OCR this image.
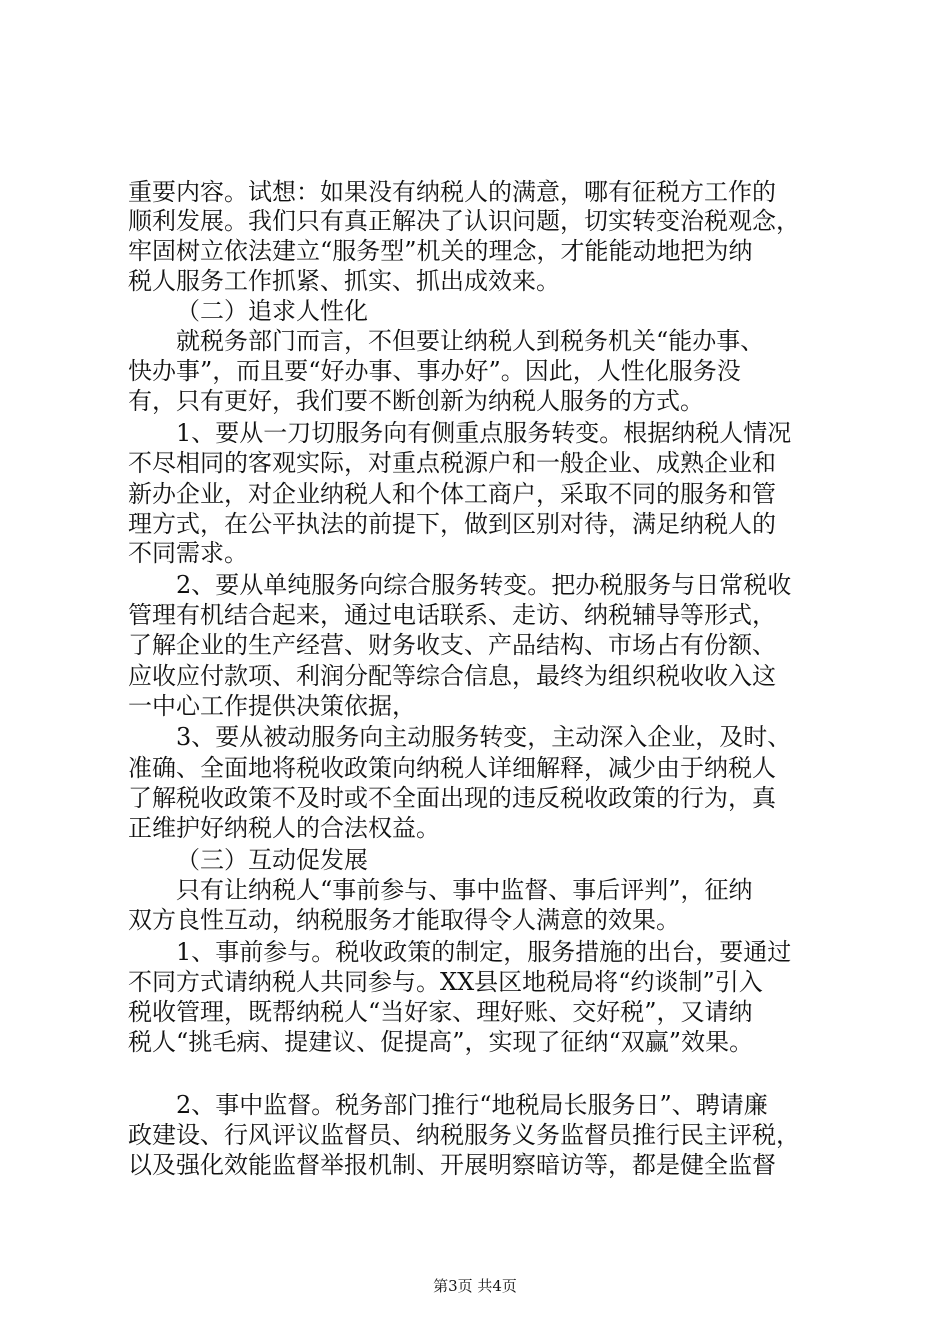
重要内容。试想：如果没有纳税人的满意，哪有征税方工作的
顺利发展。我们只有真正解决了认识问题，切实转变治税观念，
牢固树立依法建立“服务型”机关的理念，才能能动地把为纳
税人服务工作抓紧、抓实、抓出成效来。
（二）追求人性化
就税务部门而言，不但要让纳税人到税务机关“能办事、
快办事”，而且要“好办事、事办好”。因此，人性化服务没
有，只有更好，我们要不断创新为纳税人服务的方式。
1、要从一刀切服务向有侧重点服务转变。根据纳税人情况
不尽相同的客观实际，对重点税源户和一般企业、成熟企业和
新办企业，对企业纳税人和个体工商户，采取不同的服务和管
理方式，在公平执法的前提下，做到区别对待，满足纳税人的
不同需求。
2、要从单纯服务向综合服务转变。把办税服务与日常税收
管理有机结合起来，通过电话联系、走访、纳税辅导等形式，
了解企业的生产经营、财务收支、产品结构、市场占有份额、
应收应付款项、利润分配等综合信息，最终为组织税收收入这
一中心工作提供决策依据，
3、要从被动服务向主动服务转变，主动深入企业，及时、
准确、全面地将税收政策向纳税人详细解释，减少由于纳税人
了解税收政策不及时或不全面出现的违反税收政策的行为，真
正维护好纳税人的合法权益。
（三）互动促发展
只有让纳税人“事前参与、事中监督、事后评判”，征纳
双方良性互动，纳税服务才能取得令人满意的效果。
1、事前参与。税收政策的制定，服务措施的出台，要通过
不同方式请纳税人共同参与。XX县区地税局将“约谈制”引入
税收管理，既帮纳税人“当好家、理好账、交好税”，又请纳
税人“挑毛病、提建议、促提高”，实现了征纳“双赢”效果。
2、事中监督。税务部门推行“地税局长服务日”、聘请廉
政建设、行风评议监督员、纳税服务义务监督员推行民主评税，
以及强化效能监督举报机制、开展明察暗访等，都是健全监督
第3页 共4页
